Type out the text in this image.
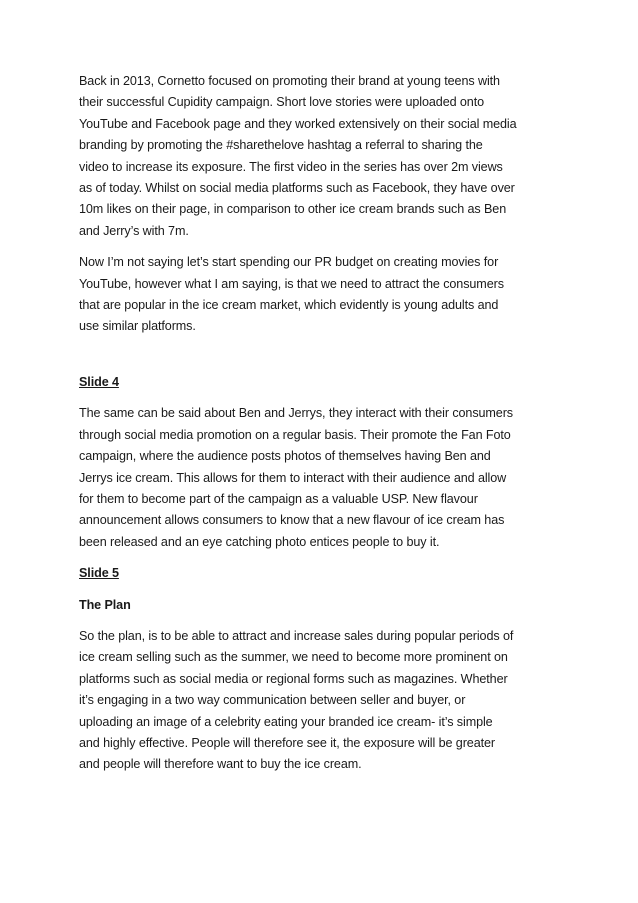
Back in 2013, Cornetto focused on promoting their brand at young teens with
their successful Cupidity campaign. Short love stories were uploaded onto
YouTube and Facebook page and they worked extensively on their social media
branding by promoting the #sharethelove hashtag a referral to sharing the
video to increase its exposure. The first video in the series has over 2m views
as of today. Whilst on social media platforms such as Facebook, they have over
10m likes on their page, in comparison to other ice cream brands such as Ben
and Jerry’s with 7m.

Now I’m not saying let’s start spending our PR budget on creating movies for
YouTube, however what I am saying, is that we need to attract the consumers
that are popular in the ice cream market, which evidently is young adults and
use similar platforms.

Slide 4

The same can be said about Ben and Jerrys, they interact with their consumers
through social media promotion on a regular basis. Their promote the Fan Foto
campaign, where the audience posts photos of themselves having Ben and
Jerrys ice cream. This allows for them to interact with their audience and allow
for them to become part of the campaign as a valuable USP. New flavour
announcement allows consumers to know that a new flavour of ice cream has
been released and an eye catching photo entices people to buy it.

Slide 5

The Plan

So the plan, is to be able to attract and increase sales during popular periods of
ice cream selling such as the summer, we need to become more prominent on
platforms such as social media or regional forms such as magazines. Whether
it’s engaging in a two way communication between seller and buyer, or
uploading an image of a celebrity eating your branded ice cream- it’s simple
and highly effective. People will therefore see it, the exposure will be greater
and people will therefore want to buy the ice cream.
